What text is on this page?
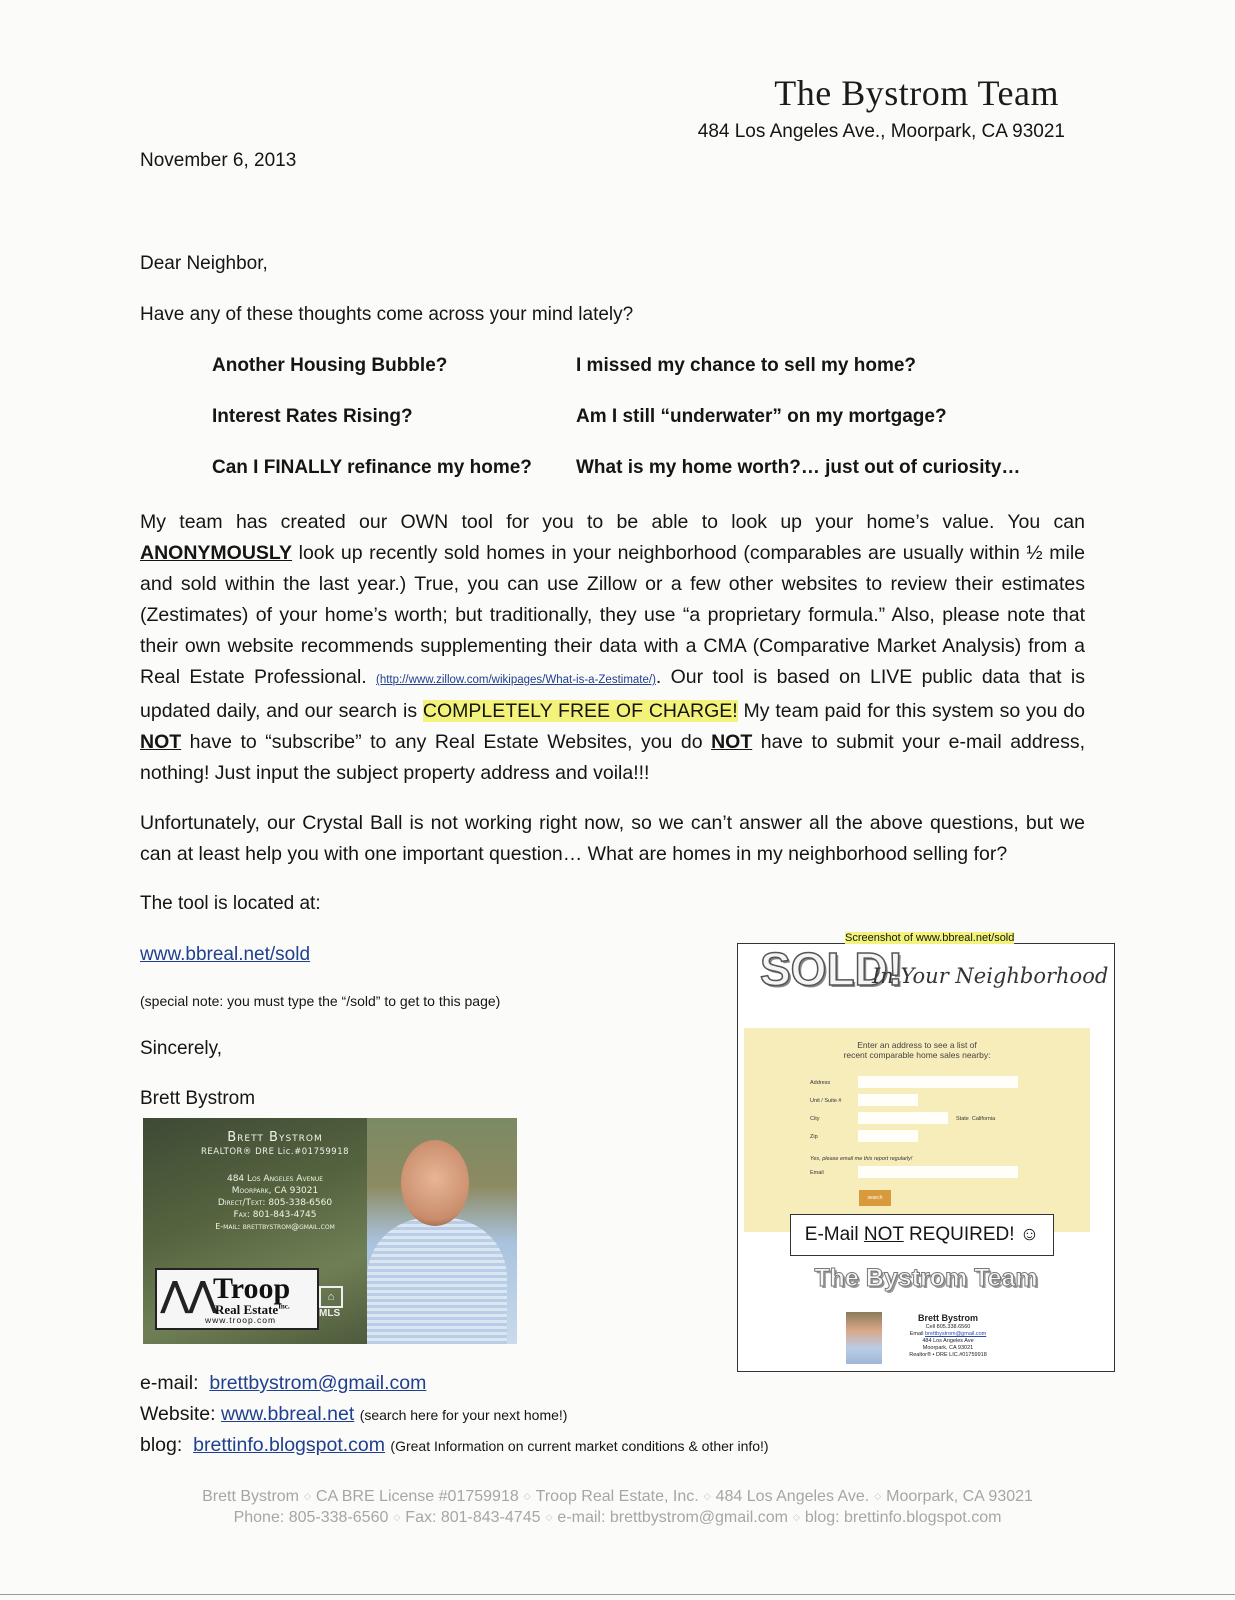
The Bystrom Team
484 Los Angeles Ave., Moorpark, CA 93021
November 6, 2013
Dear Neighbor,
Have any of these thoughts come across your mind lately?
Another Housing Bubble?	I missed my chance to sell my home?
Interest Rates Rising?	Am I still “underwater” on my mortgage?
Can I FINALLY refinance my home? What is my home worth?… just out of curiosity…
My team has created our OWN tool for you to be able to look up your home’s value. You can ANONYMOUSLY look up recently sold homes in your neighborhood (comparables are usually within ½ mile and sold within the last year.) True, you can use Zillow or a few other websites to review their estimates (Zestimates) of your home’s worth; but traditionally, they use “a proprietary formula.” Also, please note that their own website recommends supplementing their data with a CMA (Comparative Market Analysis) from a Real Estate Professional. (http://www.zillow.com/wikipages/What-is-a-Zestimate/). Our tool is based on LIVE public data that is updated daily, and our search is COMPLETELY FREE OF CHARGE! My team paid for this system so you do NOT have to “subscribe” to any Real Estate Websites, you do NOT have to submit your e-mail address, nothing! Just input the subject property address and voila!!!
Unfortunately, our Crystal Ball is not working right now, so we can’t answer all the above questions, but we can at least help you with one important question… What are homes in my neighborhood selling for?
The tool is located at:
www.bbreal.net/sold
(special note: you must type the “/sold” to get to this page)
Sincerely,
Brett Bystrom
Brett Bystrom
REALTOR® DRE Lic.#01759918
484 Los Angeles Avenue
Moorpark, CA 93021
Direct/Text: 805-338-6560
Fax: 801-843-4745
E-mail: brettbystrom@gmail.com
⋀⋀
Troop
Real Estate$^{Inc.}$
www.troop.com
⌂
MLS
e-mail: brettbystrom@gmail.com
Website: www.bbreal.net (search here for your next home!)
blog: brettinfo.blogspot.com (Great Information on current market conditions & other info!)
SOLD!
In Your Neighborhood
Enter an address to see a list of
recent comparable home sales nearby:
Address
Unit / Suite #
City	State California
Zip
Yes, please email me this report regularly!
Email
search
E-Mail NOT REQUIRED! ☺
The Bystrom Team
Brett Bystrom
Cell 805.338.6560
Email brettbystrom@gmail.com
484 Los Angeles Ave
Moorpark, CA 93021
Realtor® • DRE LIC.#01759918
Screenshot of www.bbreal.net/sold
Brett Bystrom ◇ CA BRE License #01759918 ◇ Troop Real Estate, Inc. ◇ 484 Los Angeles Ave. ◇ Moorpark, CA 93021
Phone: 805-338-6560 ◇ Fax: 801-843-4745 ◇ e-mail: brettbystrom@gmail.com ◇ blog: brettinfo.blogspot.com
